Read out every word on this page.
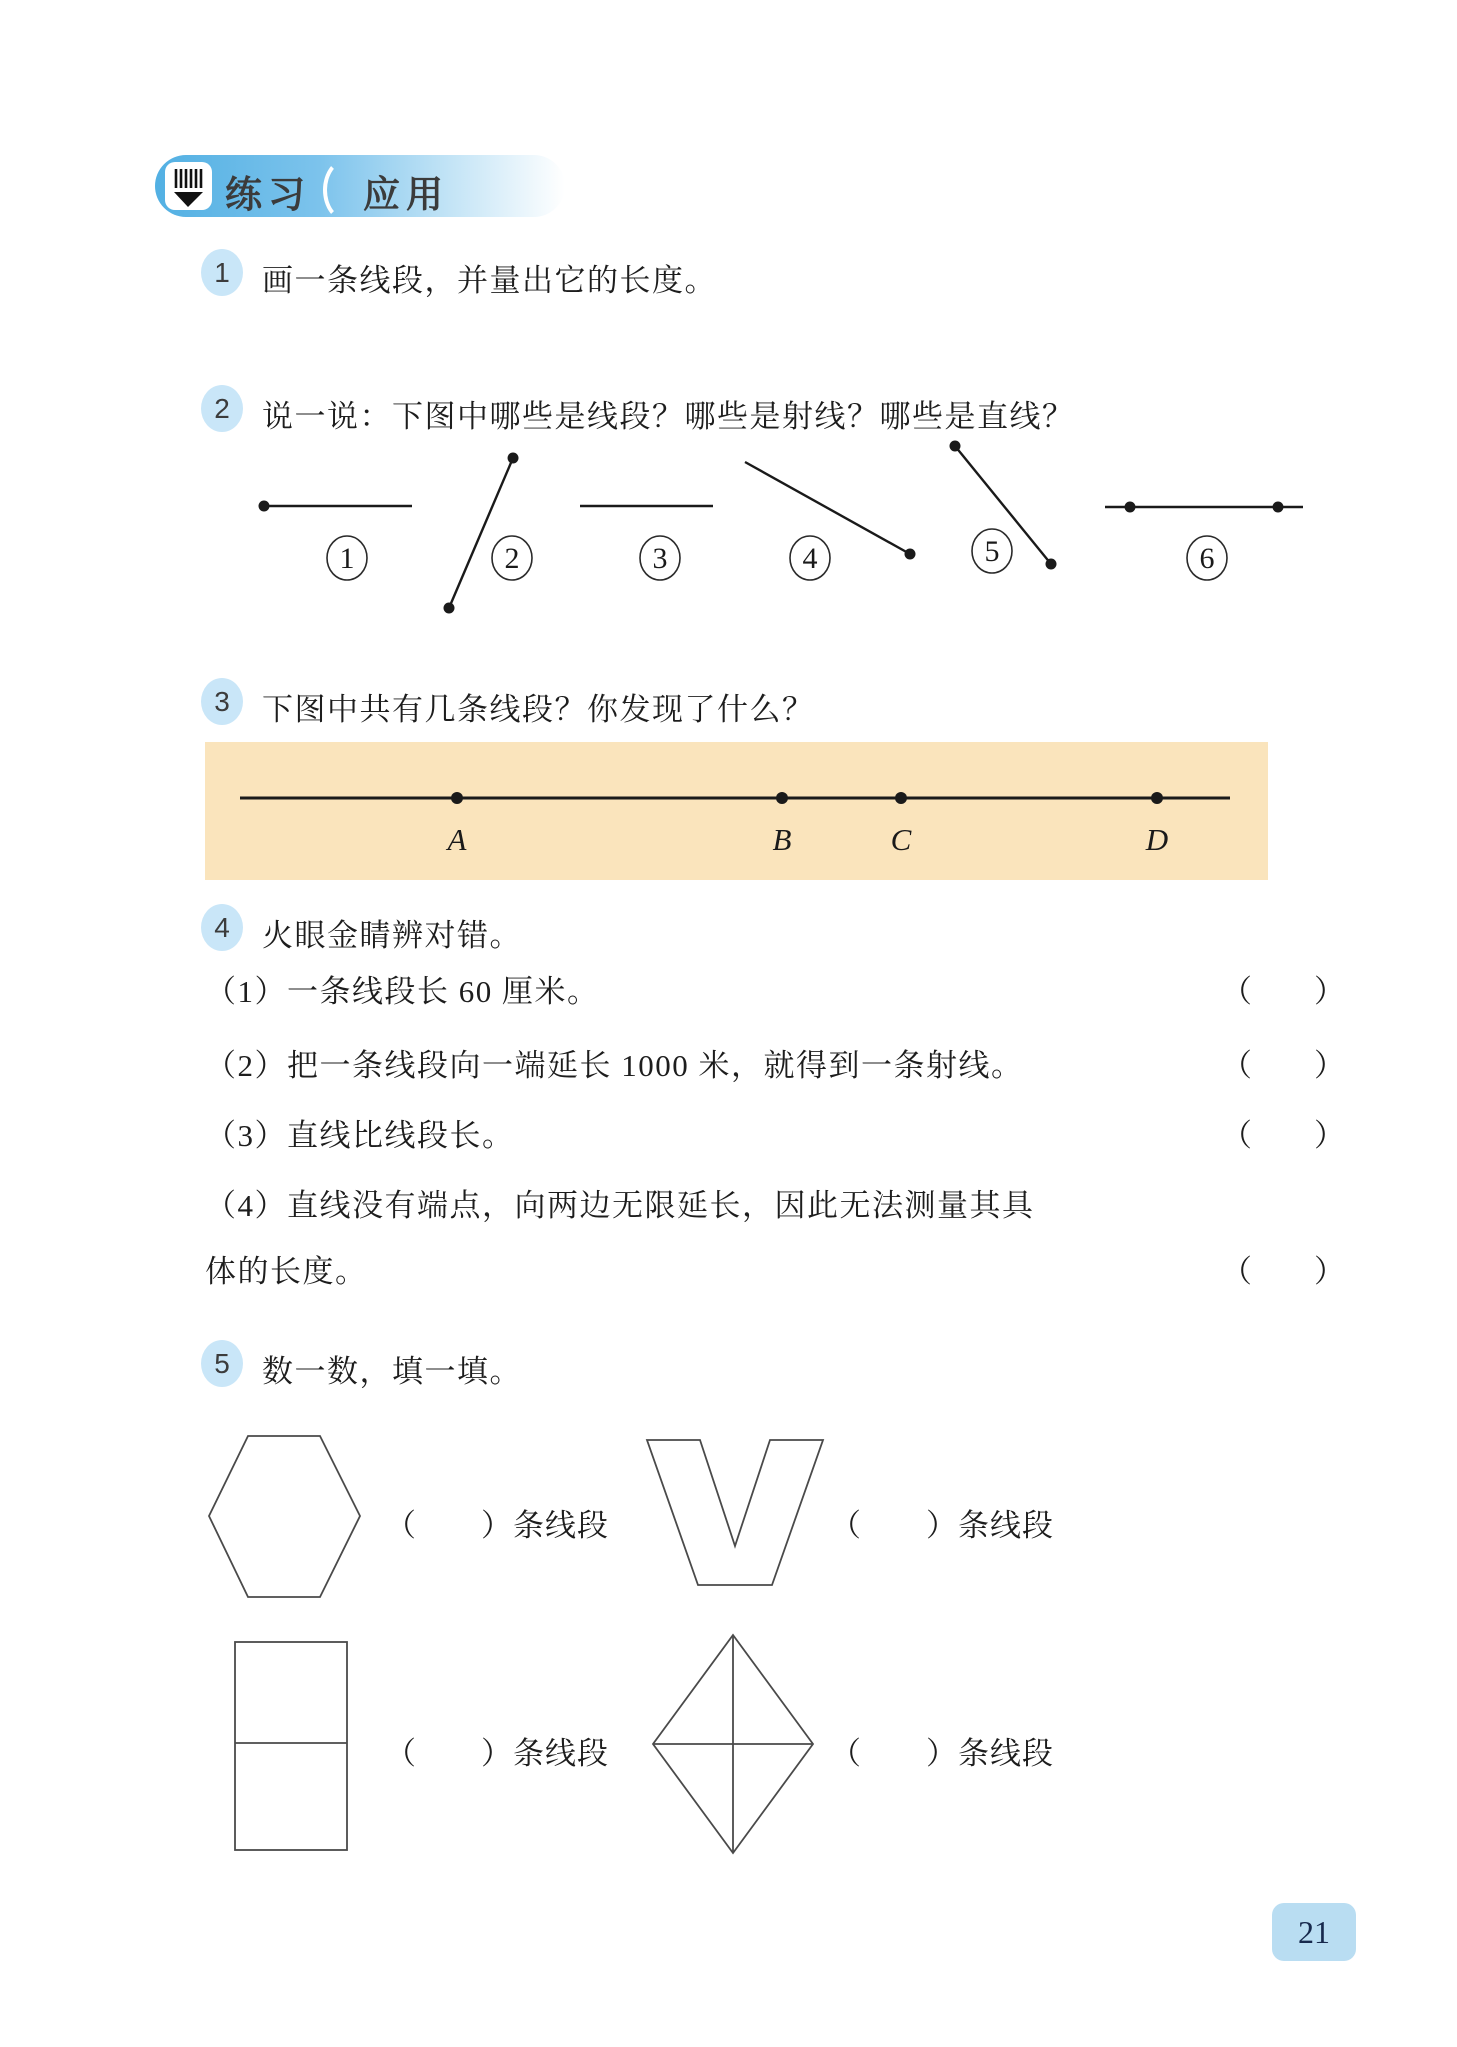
练习 应用
1	画一条线段，并量出它的长度。
2	说一说：下图中哪些是线段？哪些是射线？哪些是直线？
1	2	3	4	5	6
3	下图中共有几条线段？你发现了什么？
A	B	C	D
4	火眼金睛辨对错。
（1）一条线段长 60 厘米。	（　　）
（2）把一条线段向一端延长 1000 米，就得到一条射线。	（　　）
（3）直线比线段长。	（　　）
（4）直线没有端点，向两边无限延长，因此无法测量其具
体的长度。	（　　）
5	数一数，填一填。
（　　）条线段	（　　）条线段
（　　）条线段	（　　）条线段
21
